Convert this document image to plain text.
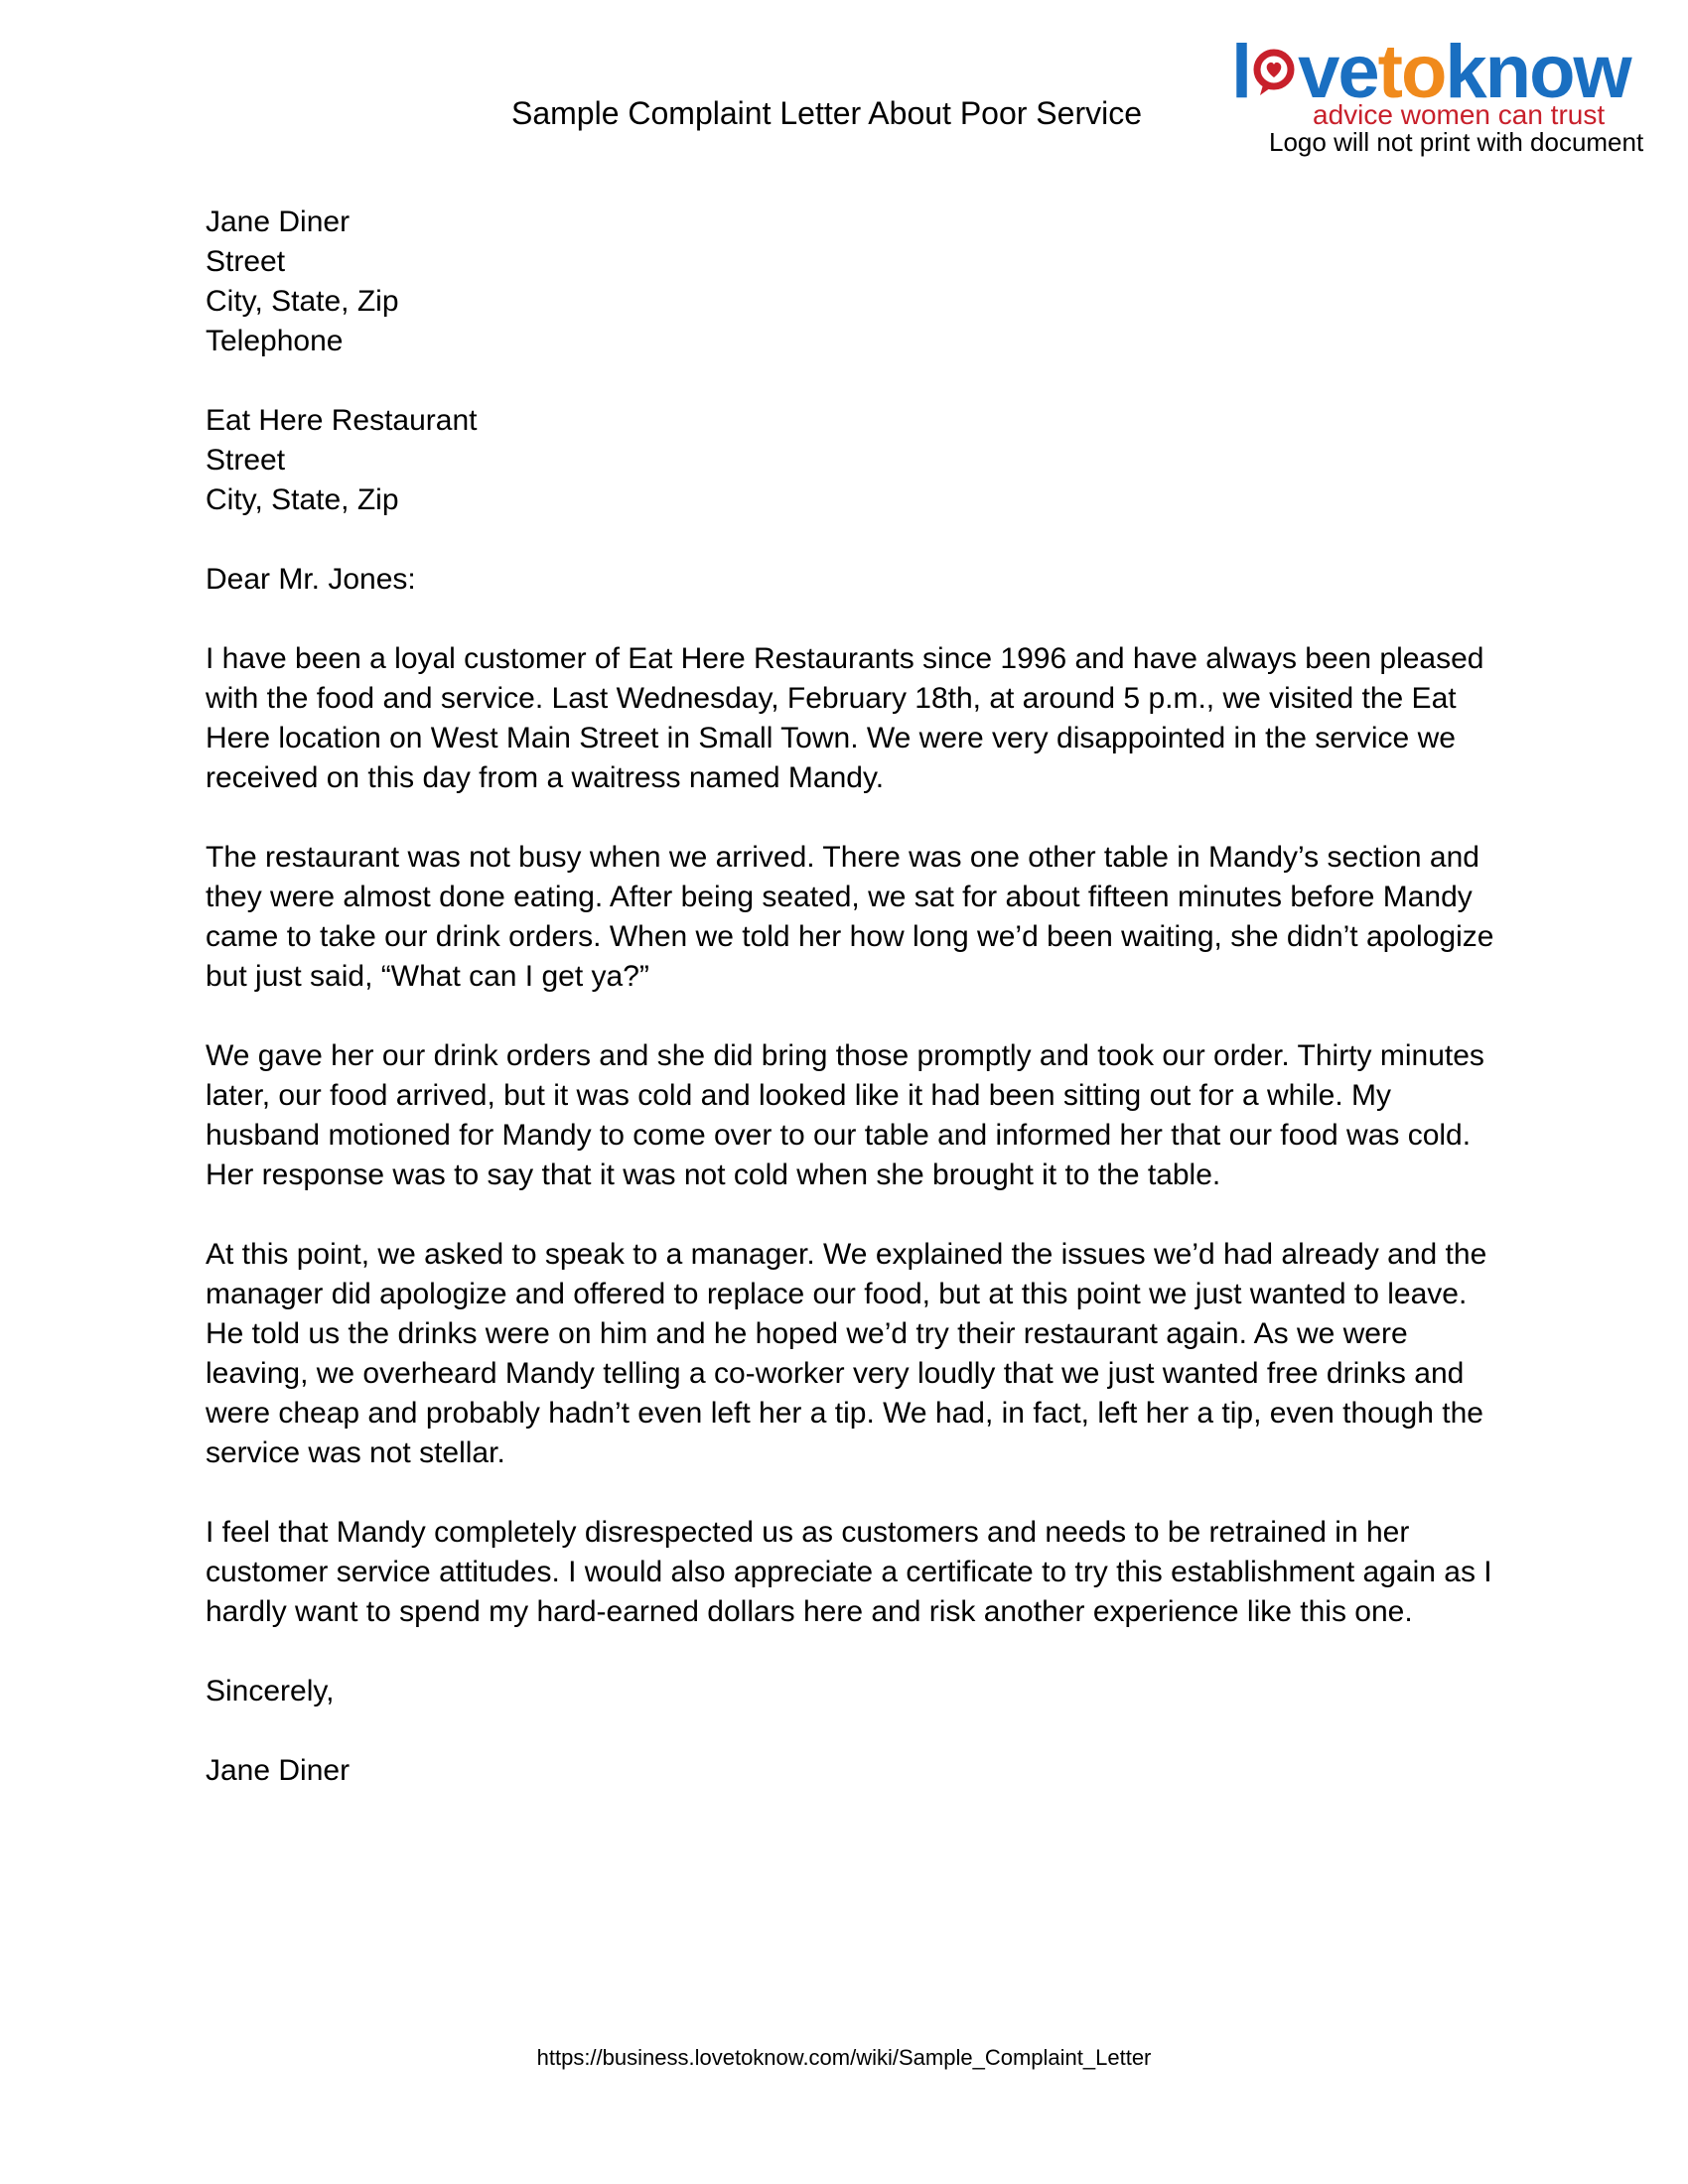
Sample Complaint Letter About Poor Service l vetoknow
advice women can trust
Logo will not print with document

Jane Diner

Street

City, State, Zip

Telephone

Eat Here Restaurant

Street

City, State, Zip

Dear Mr. Jones:

I have been a loyal customer of Eat Here Restaurants since 1996 and have always been pleased with the food and service. Last Wednesday, February 18th, at around 5 p.m., we visited the Eat Here location on West Main Street in Small Town. We were very disappointed in the service we received on this day from a waitress named Mandy.

The restaurant was not busy when we arrived. There was one other table in Mandy’s section and they were almost done eating. After being seated, we sat for about fifteen minutes before Mandy came to take our drink orders. When we told her how long we’d been waiting, she didn’t apologize but just said, “What can I get ya?”

We gave her our drink orders and she did bring those promptly and took our order. Thirty minutes later, our food arrived, but it was cold and looked like it had been sitting out for a while. My husband motioned for Mandy to come over to our table and informed her that our food was cold. Her response was to say that it was not cold when she brought it to the table.

At this point, we asked to speak to a manager. We explained the issues we’d had already and the manager did apologize and offered to replace our food, but at this point we just wanted to leave. He told us the drinks were on him and he hoped we’d try their restaurant again. As we were leaving, we overheard Mandy telling a co-worker very loudly that we just wanted free drinks and were cheap and probably hadn’t even left her a tip. We had, in fact, left her a tip, even though the service was not stellar.

I feel that Mandy completely disrespected us as customers and needs to be retrained in her customer service attitudes. I would also appreciate a certificate to try this establishment again as I hardly want to spend my hard-earned dollars here and risk another experience like this one.

Sincerely,

Jane Diner

https://business.lovetoknow.com/wiki/Sample_Complaint_Letter
